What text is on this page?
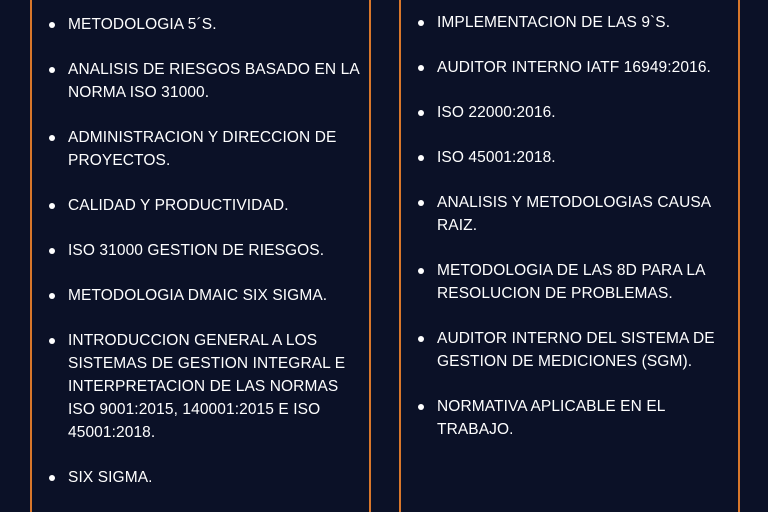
METODOLOGIA 5´S.
ANALISIS DE RIESGOS BASADO EN LA NORMA ISO 31000.
ADMINISTRACION Y DIRECCION DE PROYECTOS.
CALIDAD Y PRODUCTIVIDAD.
ISO 31000 GESTION DE RIESGOS.
METODOLOGIA DMAIC SIX SIGMA.
INTRODUCCION GENERAL A LOS SISTEMAS DE GESTION INTEGRAL E INTERPRETACION DE LAS NORMAS ISO 9001:2015, 140001:2015 E ISO 45001:2018.
SIX SIGMA.
IMPLEMENTACION DE LAS 9`S.
AUDITOR INTERNO IATF 16949:2016.
ISO 22000:2016.
ISO 45001:2018.
ANALISIS Y METODOLOGIAS CAUSA RAIZ.
METODOLOGIA DE LAS 8D PARA LA RESOLUCION DE PROBLEMAS.
AUDITOR INTERNO DEL SISTEMA DE GESTION DE MEDICIONES (SGM).
NORMATIVA APLICABLE EN EL TRABAJO.
